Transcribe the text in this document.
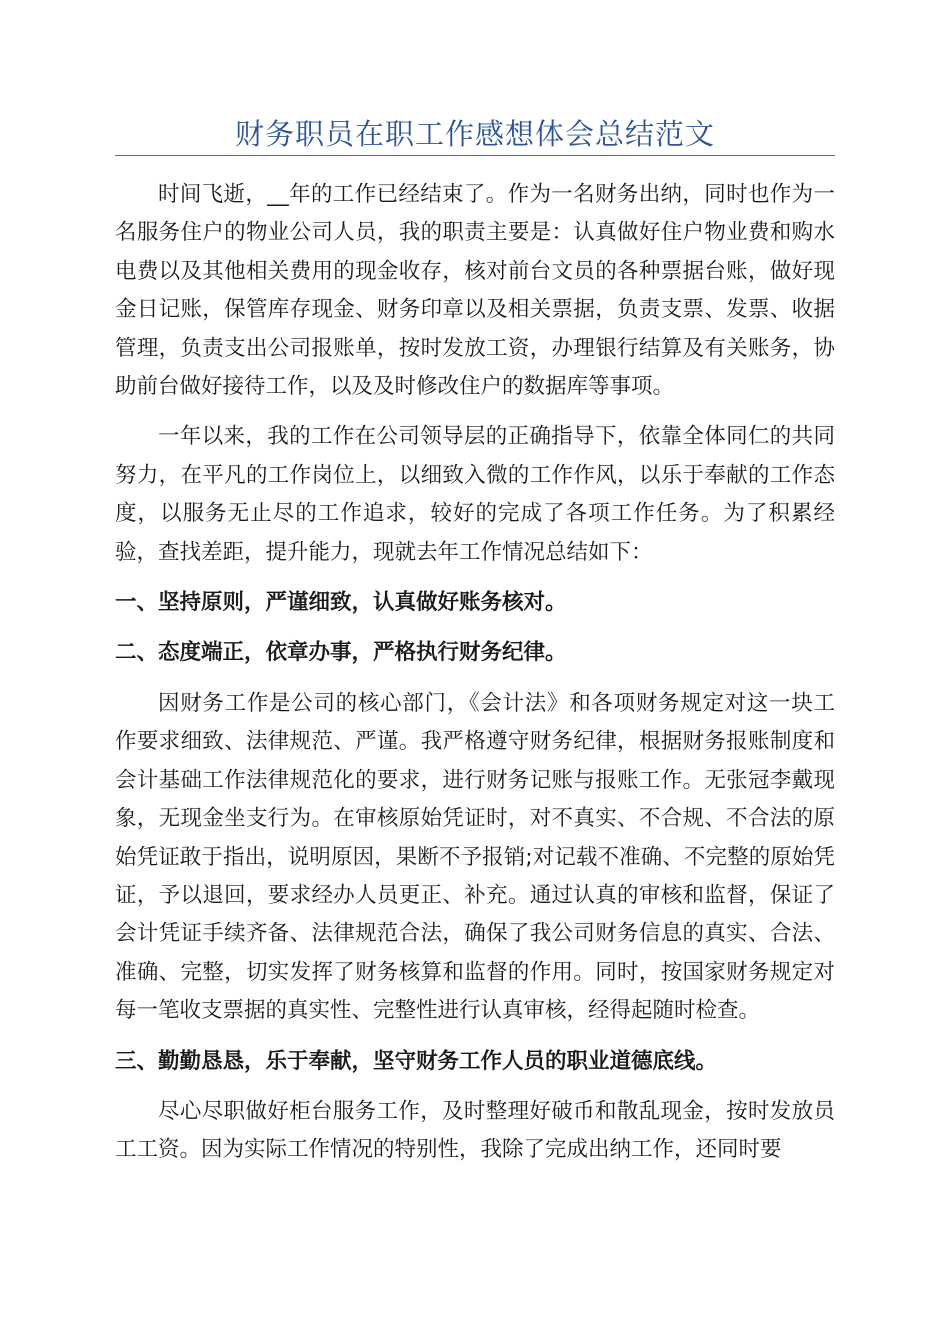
财务职员在职工作感想体会总结范文

时间飞逝，__年的工作已经结束了。作为一名财务出纳，同时也作为一名服务住户的物业公司人员，我的职责主要是：认真做好住户物业费和购水电费以及其他相关费用的现金收存，核对前台文员的各种票据台账，做好现金日记账，保管库存现金、财务印章以及相关票据，负责支票、发票、收据管理，负责支出公司报账单，按时发放工资，办理银行结算及有关账务，协助前台做好接待工作，以及及时修改住户的数据库等事项。

一年以来，我的工作在公司领导层的正确指导下，依靠全体同仁的共同努力，在平凡的工作岗位上，以细致入微的工作作风，以乐于奉献的工作态度，以服务无止尽的工作追求，较好的完成了各项工作任务。为了积累经验，查找差距，提升能力，现就去年工作情况总结如下：

一、坚持原则，严谨细致，认真做好账务核对。

二、态度端正，依章办事，严格执行财务纪律。

因财务工作是公司的核心部门，《会计法》和各项财务规定对这一块工作要求细致、法律规范、严谨。我严格遵守财务纪律，根据财务报账制度和会计基础工作法律规范化的要求，进行财务记账与报账工作。无张冠李戴现象，无现金坐支行为。在审核原始凭证时，对不真实、不合规、不合法的原始凭证敢于指出，说明原因，果断不予报销;对记载不准确、不完整的原始凭证，予以退回，要求经办人员更正、补充。通过认真的审核和监督，保证了会计凭证手续齐备、法律规范合法，确保了我公司财务信息的真实、合法、准确、完整，切实发挥了财务核算和监督的作用。同时，按国家财务规定对每一笔收支票据的真实性、完整性进行认真审核，经得起随时检查。

三、勤勤恳恳，乐于奉献，坚守财务工作人员的职业道德底线。

尽心尽职做好柜台服务工作，及时整理好破币和散乱现金，按时发放员工工资。因为实际工作情况的特别性，我除了完成出纳工作，还同时要
